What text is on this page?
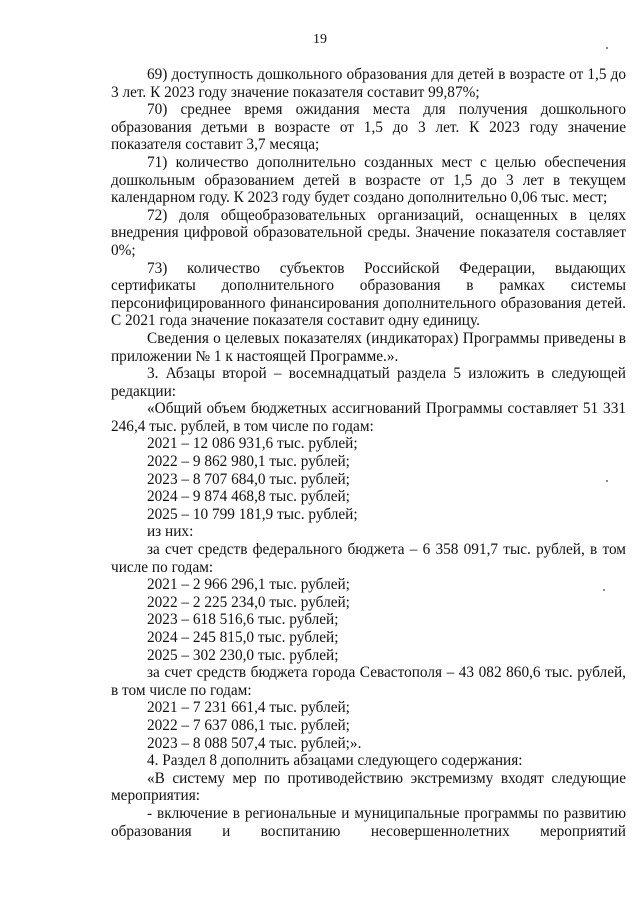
19

69) доступность дошкольного образования для детей в возрасте от 1,5 до 3 лет. К 2023 году значение показателя составит 99,87%;

70) среднее время ожидания места для получения дошкольного образования детьми в возрасте от 1,5 до 3 лет. К 2023 году значение показателя составит 3,7 месяца;

71) количество дополнительно созданных мест с целью обеспечения дошкольным образованием детей в возрасте от 1,5 до 3 лет в текущем календарном году. К 2023 году будет создано дополнительно 0,06 тыс. мест;

72) доля общеобразовательных организаций, оснащенных в целях внедрения цифровой образовательной среды. Значение показателя составляет 0%;

73) количество субъектов Российской Федерации, выдающих сертификаты дополнительного образования в рамках системы персонифицированного финансирования дополнительного образования детей. С 2021 года значение показателя составит одну единицу.

Сведения о целевых показателях (индикаторах) Программы приведены в приложении № 1 к настоящей Программе.».

3. Абзацы второй – восемнадцатый раздела 5 изложить в следующей редакции:

«Общий объем бюджетных ассигнований Программы составляет 51 331 246,4 тыс. рублей, в том числе по годам:

2021 – 12 086 931,6 тыс. рублей;

2022 – 9 862 980,1 тыс. рублей;

2023 – 8 707 684,0 тыс. рублей;

2024 – 9 874 468,8 тыс. рублей;

2025 – 10 799 181,9 тыс. рублей;

из них:

за счет средств федерального бюджета – 6 358 091,7 тыс. рублей, в том числе по годам:

2021 – 2 966 296,1 тыс. рублей;

2022 – 2 225 234,0 тыс. рублей;

2023 – 618 516,6 тыс. рублей;

2024 – 245 815,0 тыс. рублей;

2025 – 302 230,0 тыс. рублей;

за счет средств бюджета города Севастополя – 43 082 860,6 тыс. рублей, в том числе по годам:

2021 – 7 231 661,4 тыс. рублей;

2022 – 7 637 086,1 тыс. рублей;

2023 – 8 088 507,4 тыс. рублей;».

4. Раздел 8 дополнить абзацами следующего содержания:

«В систему мер по противодействию экстремизму входят следующие мероприятия:

- включение в региональные и муниципальные программы по развитию образования и воспитанию несовершеннолетних мероприятий
